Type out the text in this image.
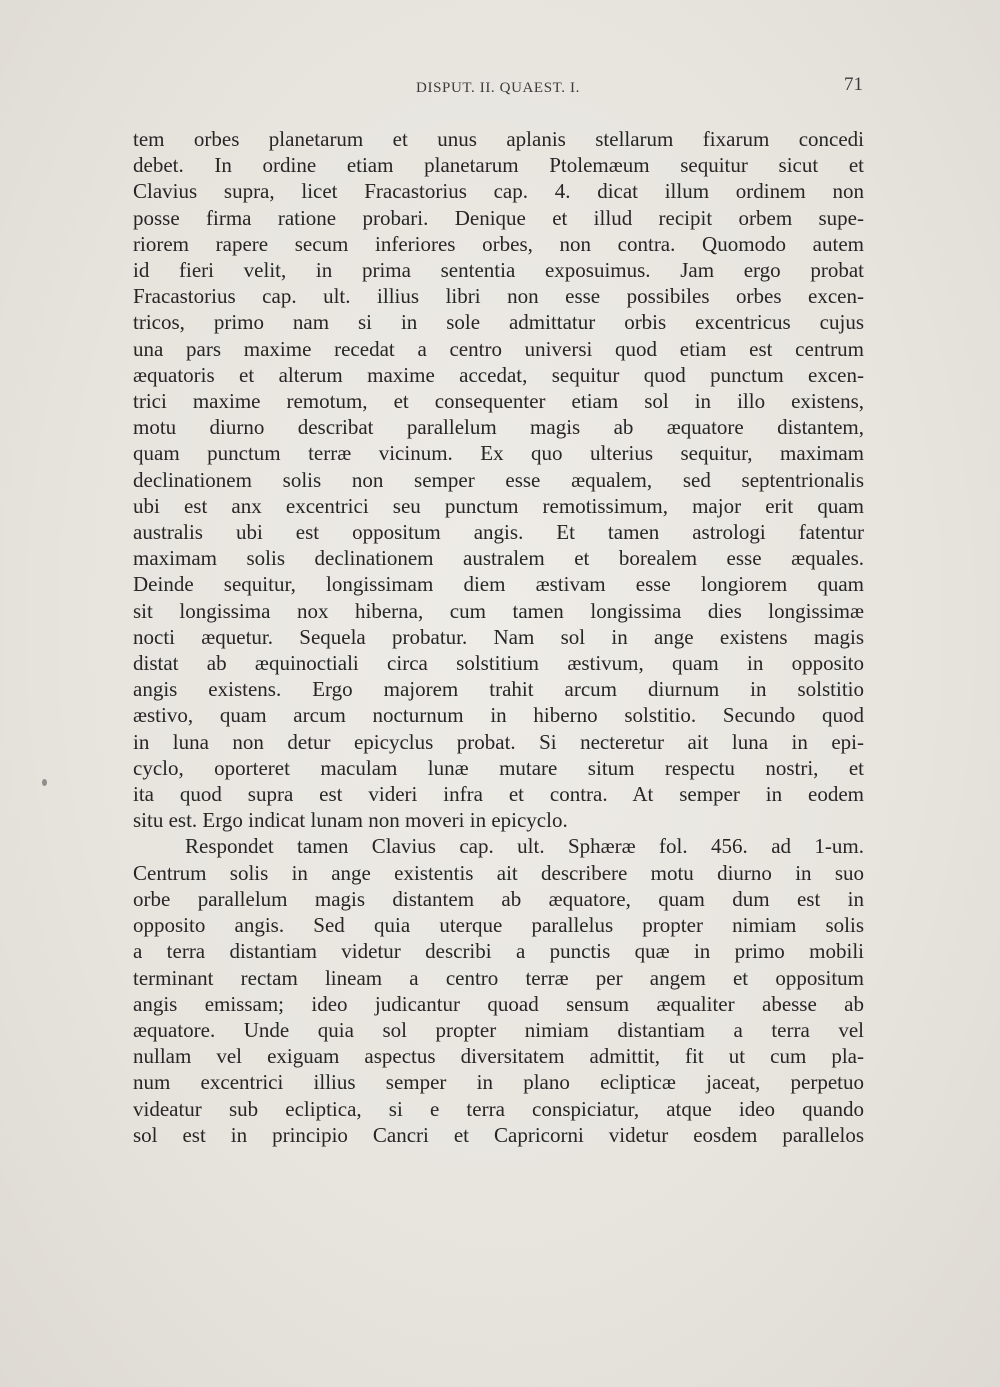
DISPUT. II. QUAEST. I.	71
tem orbes planetarum et unus aplanis stellarum fixarum concedi
debet. In ordine etiam planetarum Ptolemæum sequitur sicut et
Clavius supra, licet Fracastorius cap. 4. dicat illum ordinem non
posse firma ratione probari. Denique et illud recipit orbem supe-
riorem rapere secum inferiores orbes, non contra. Quomodo autem
id fieri velit, in prima sententia exposuimus. Jam ergo probat
Fracastorius cap. ult. illius libri non esse possibiles orbes excen-
tricos, primo nam si in sole admittatur orbis excentricus cujus
una pars maxime recedat a centro universi quod etiam est centrum
æquatoris et alterum maxime accedat, sequitur quod punctum excen-
trici maxime remotum, et consequenter etiam sol in illo existens,
motu diurno describat parallelum magis ab æquatore distantem,
quam punctum terræ vicinum. Ex quo ulterius sequitur, maximam
declinationem solis non semper esse æqualem, sed septentrionalis
ubi est anx excentrici seu punctum remotissimum, major erit quam
australis ubi est oppositum angis. Et tamen astrologi fatentur
maximam solis declinationem australem et borealem esse æquales.
Deinde sequitur, longissimam diem æstivam esse longiorem quam
sit longissima nox hiberna, cum tamen longissima dies longissimæ
nocti æquetur. Sequela probatur. Nam sol in ange existens magis
distat ab æquinoctiali circa solstitium æstivum, quam in opposito
angis existens. Ergo majorem trahit arcum diurnum in solstitio
æstivo, quam arcum nocturnum in hiberno solstitio. Secundo quod
in luna non detur epicyclus probat. Si necteretur ait luna in epi-
cyclo, oporteret maculam lunæ mutare situm respectu nostri, et
ita quod supra est videri infra et contra. At semper in eodem
situ est. Ergo indicat lunam non moveri in epicyclo.
Respondet tamen Clavius cap. ult. Sphæræ fol. 456. ad 1-um.
Centrum solis in ange existentis ait describere motu diurno in suo
orbe parallelum magis distantem ab æquatore, quam dum est in
opposito angis. Sed quia uterque parallelus propter nimiam solis
a terra distantiam videtur describi a punctis quæ in primo mobili
terminant rectam lineam a centro terræ per angem et oppositum
angis emissam; ideo judicantur quoad sensum æqualiter abesse ab
æquatore. Unde quia sol propter nimiam distantiam a terra vel
nullam vel exiguam aspectus diversitatem admittit, fit ut cum pla-
num excentrici illius semper in plano eclipticæ jaceat, perpetuo
videatur sub ecliptica, si e terra conspiciatur, atque ideo quando
sol est in principio Cancri et Capricorni videtur eosdem parallelos
